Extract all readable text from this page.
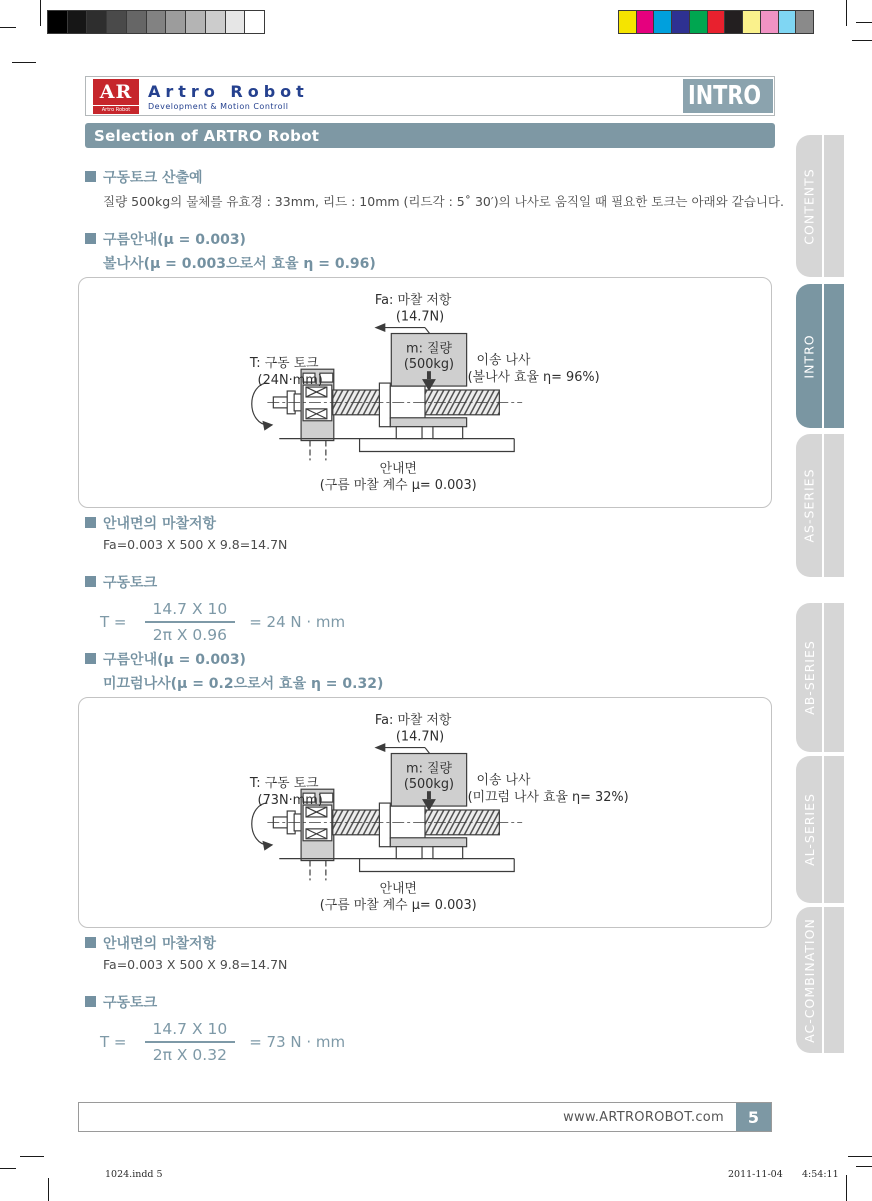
AR
Artro Robot
Artro Robot
Development & Motion Controll	INTRO
Selection of ARTRO Robot
구동토크 산출예
질량 500kg의 물체를 유효경 : 33mm, 리드 : 10mm (리드각 : 5˚ 30′)의 나사로 움직일 때 필요한 토크는 아래와 같습니다.
구름안내(μ = 0.003)
볼나사(μ = 0.003으로서 효율 η = 0.96)
Fa: 마찰 저항
(14.7N)
T: 구동 토크
(24N·mm)
m: 질량
(500kg) 이송 나사
(볼나사 효율 η= 96%)
안내면
(구름 마찰 계수 μ= 0.003)
안내면의 마찰저항
Fa=0.003 X 500 X 9.8=14.7N
구동토크
$T = \frac{14.7 X 10}{\text{2π X 0.96}} = 24$ N · mm
구름안내(μ = 0.003)
미끄럼나사(μ = 0.2으로서 효율 η = 0.32)
Fa: 마찰 저항
(14.7N)
T: 구동 토크
(73N·mm)
m: 질량
(500kg) 이송 나사
(미끄럼 나사 효율 η= 32%)
안내면
(구름 마찰 계수 μ= 0.003)
안내면의 마찰저항
Fa=0.003 X 500 X 9.8=14.7N
구동토크
$T = \frac{14.7 X 10}{\text{2π X 0.32}} = 73$ N · mm
CONTENTS
INTRO
AS-SERIES
AB-SERIES
AL-SERIES
AC-COMBINATION
www.ARTROROBOT.com	5
1024.indd 5	2011-11-04 4:54:11
